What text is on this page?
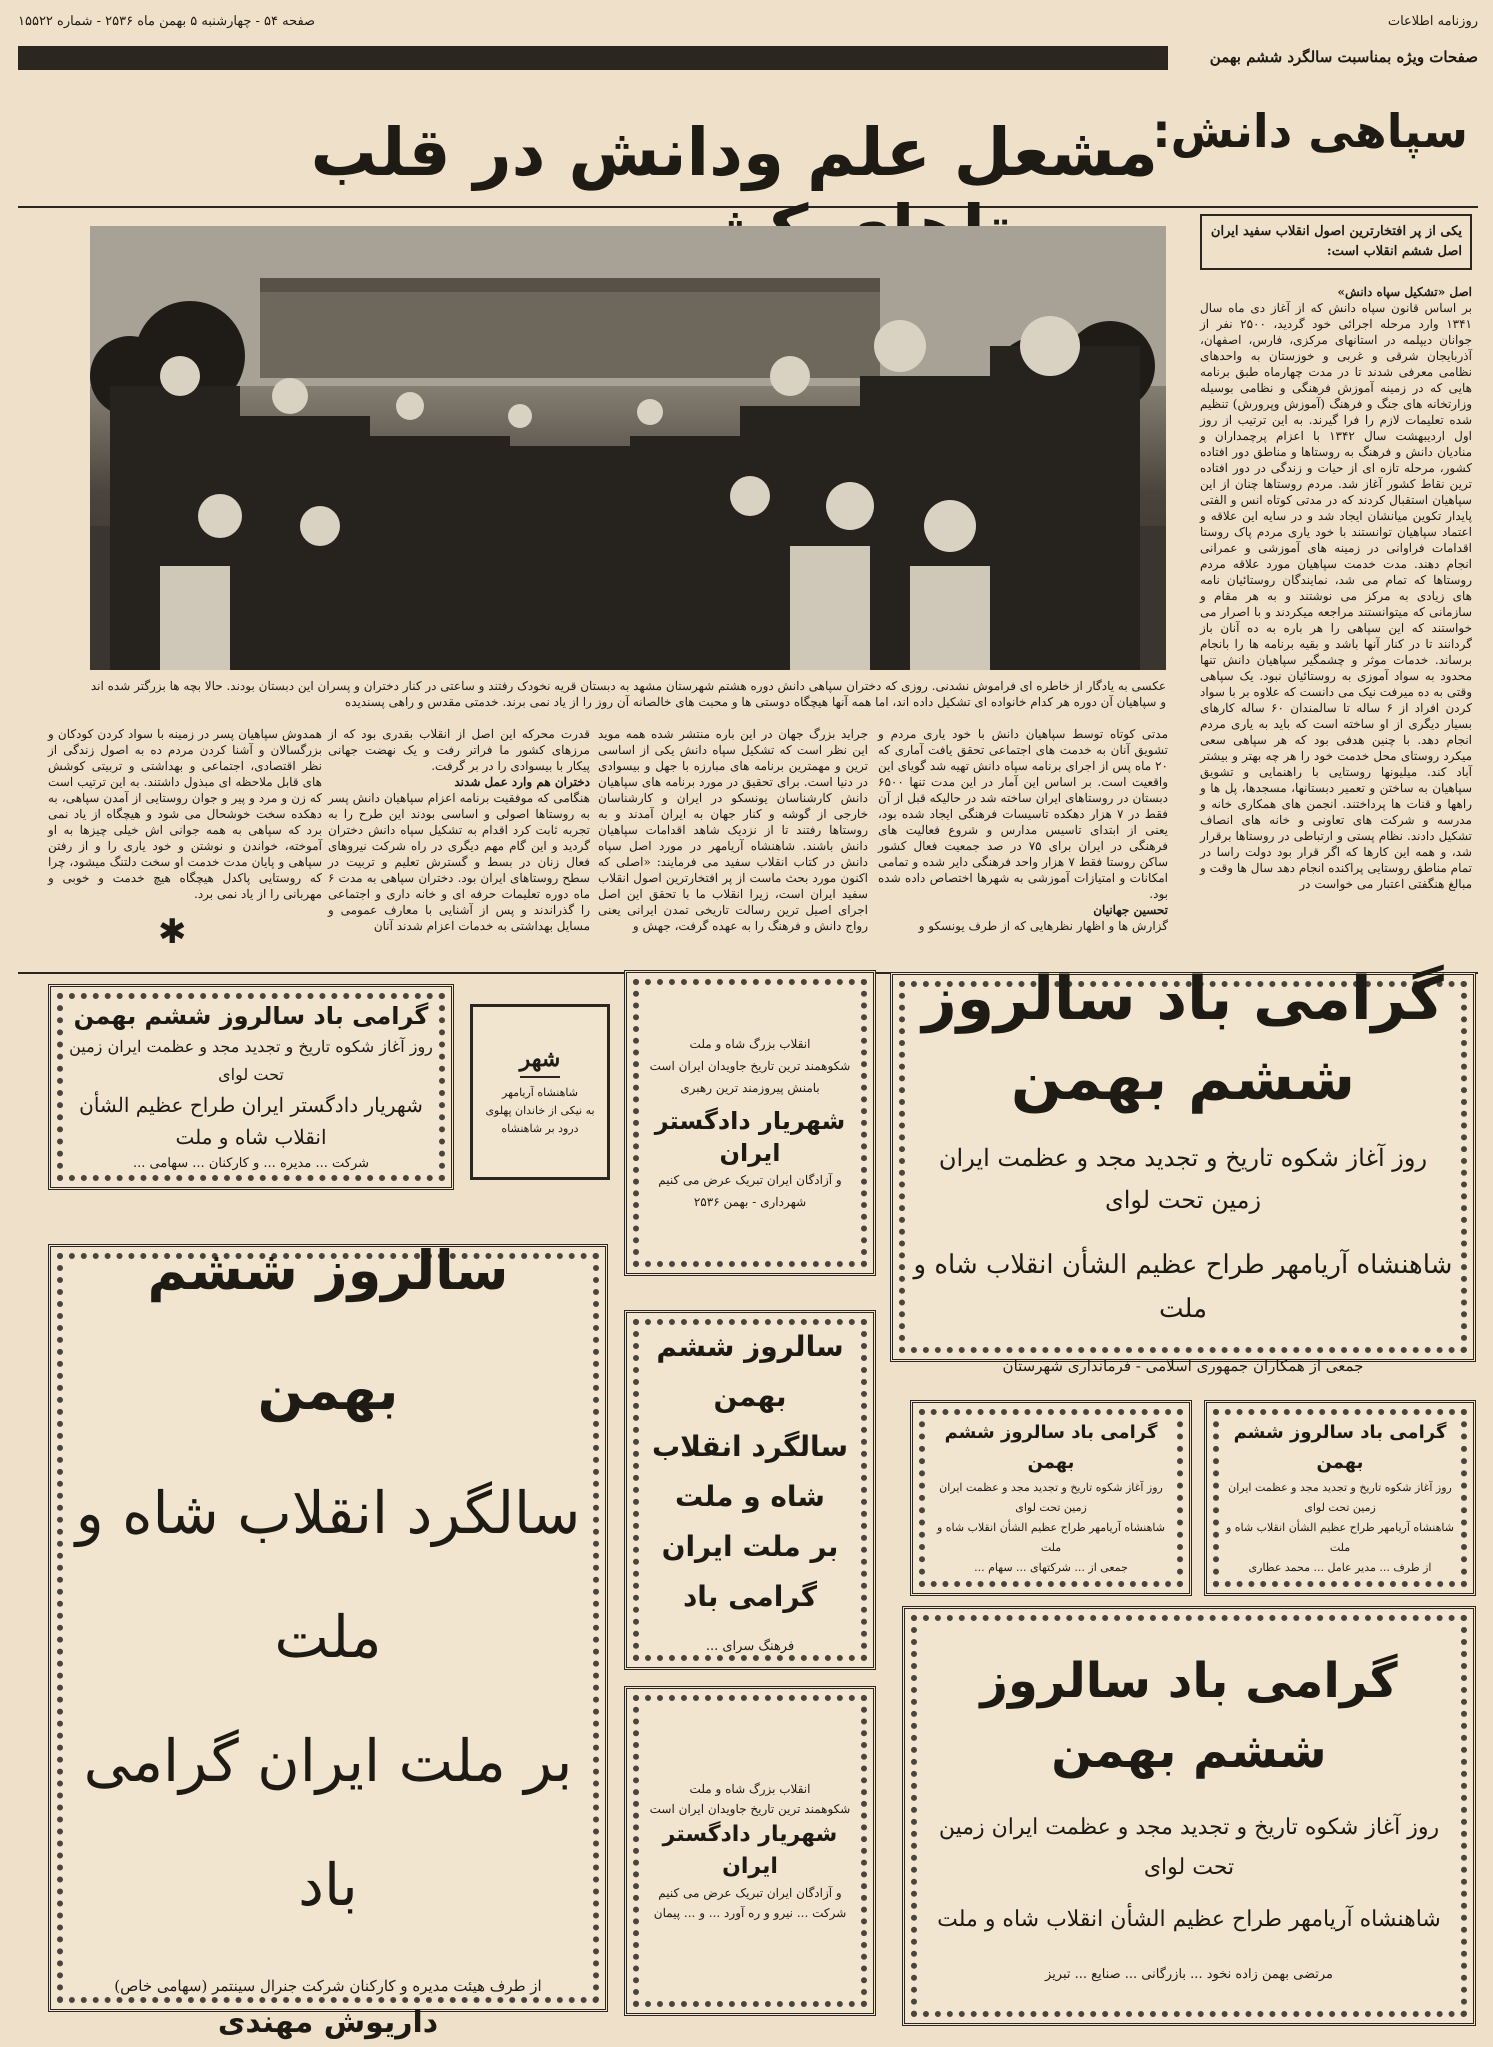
روزنامه اطلاعات
صفحه ۵۴ - چهارشنبه ۵ بهمن ماه ۲۵۳۶ - شماره ۱۵۵۲۲
صفحات ویژه بمناسبت سالگرد ششم بهمن
سپاهی دانش:
مشعل علم ودانش در قلب
یکی از پر افتخارترین اصول انقلاب سفید ایران اصل ششم انقلاب است:
عکسی به یادگار از خاطره ای فراموش نشدنی. روزی که دختران سپاهی دانش دوره هشتم شهرستان مشهد به دبستان قریه نخودک رفتند و ساعتی در کنار دختران و پسران این دبستان بودند. حالا بچه ها بزرگتر شده اند و سپاهیان آن دوره هر کدام خانواده ای تشکیل داده اند، اما همه آنها هیچگاه دوستی ها و محبت های خالصانه آن روز را از یاد نمی برند. خدمتی مقدس و راهی پسندیده
اصل «تشکیل سپاه دانش»
بر اساس قانون سپاه دانش که از آغاز دی ماه سال ۱۳۴۱ وارد مرحله اجرائی خود گردید، ۲۵۰۰ نفر از جوانان دیپلمه در استانهای مرکزی، فارس، اصفهان، آذربایجان شرقی و غربی و خوزستان به واحدهای نظامی معرفی شدند تا در مدت چهارماه طبق برنامه هایی که در زمینه آموزش فرهنگی و نظامی بوسیله وزارتخانه های جنگ و فرهنگ (آموزش وپرورش) تنظیم شده تعلیمات لازم را فرا گیرند. به این ترتیب از روز اول اردیبهشت سال ۱۳۴۲ با اعزام پرچمداران و منادیان دانش و فرهنگ به روستاها و مناطق دور افتاده کشور، مرحله تازه ای از حیات و زندگی در دور افتاده ترین نقاط کشور آغاز شد. مردم روستاها چنان از این سپاهیان استقبال کردند که در مدتی کوتاه انس و الفتی پایدار تکوین میانشان ایجاد شد و در سایه این علاقه و اعتماد سپاهیان توانستند با خود یاری مردم پاک روستا اقدامات فراوانی در زمینه های آموزشی و عمرانی انجام دهند. مدت خدمت سپاهیان مورد علاقه مردم روستاها که تمام می شد، نمایندگان روستائیان نامه های زیادی به مرکز می نوشتند و به هر مقام و سازمانی که میتوانستند مراجعه میکردند و با اصرار می خواستند که این سپاهی را هر باره به ده آنان باز گردانند تا در کنار آنها باشد و بقیه برنامه ها را بانجام برساند. خدمات موثر و چشمگیر سپاهیان دانش تنها محدود به سواد آموزی به روستائیان نبود. یک سپاهی وقتی به ده میرفت نیک می دانست که علاوه بر با سواد کردن افراد از ۶ ساله تا سالمندان ۶۰ ساله کارهای بسیار دیگری از او ساخته است که باید به یاری مردم انجام دهد. با چنین هدفی بود که هر سپاهی سعی میکرد روستای محل خدمت خود را هر چه بهتر و بیشتر آباد کند. میلیونها روستایی با راهنمایی و تشویق سپاهیان به ساختن و تعمیر دبستانها، مسجدها، پل ها و راهها و قنات ها پرداختند. انجمن های همکاری خانه و مدرسه و شرکت های تعاونی و خانه های انصاف تشکیل دادند. نظام پستی و ارتباطی در روستاها برقرار شد، و همه این کارها که اگر قرار بود دولت راسا در تمام مناطق روستایی پراکنده انجام دهد سال ها وقت و مبالغ هنگفتی اعتبار می خواست در
مدتی کوتاه توسط سپاهیان دانش با خود یاری مردم و تشویق آنان به خدمت های اجتماعی تحقق یافت آماری که ۲۰ ماه پس از اجرای برنامه سپاه دانش تهیه شد گویای این واقعیت است. بر اساس این آمار در این مدت تنها ۶۵۰۰ دبستان در روستاهای ایران ساخته شد در حالیکه قبل از آن فقط در ۷ هزار دهکده تاسیسات فرهنگی ایجاد شده بود، یعنی از ابتدای تاسیس مدارس و شروع فعالیت های فرهنگی در ایران برای ۷۵ در صد جمعیت فعال کشور ساکن روستا فقط ۷ هزار واحد فرهنگی دایر شده و تمامی امکانات و امتیازات آموزشی به شهرها اختصاص داده شده بود.
تحسین جهانیان
گزارش ها و اظهار نظرهایی که از طرف یونسکو و
جراید بزرگ جهان در این باره منتشر شده همه موید این نظر است که تشکیل سپاه دانش یکی از اساسی ترین و مهمترین برنامه های مبارزه با جهل و بیسوادی در دنیا است. برای تحقیق در مورد برنامه های سپاهیان دانش کارشناسان یونسکو در ایران و کارشناسان خارجی از گوشه و کنار جهان به ایران آمدند و به روستاها رفتند تا از نزدیک شاهد اقدامات سپاهیان دانش باشند. شاهنشاه آریامهر در مورد اصل سپاه دانش در کتاب انقلاب سفید می فرمایند: «اصلی که اکنون مورد بحث ماست از پر افتخارترین اصول انقلاب سفید ایران است، زیرا انقلاب ما با تحقق این اصل اجرای اصیل ترین رسالت تاریخی تمدن ایرانی یعنی رواج دانش و فرهنگ را به عهده گرفت، جهش و
قدرت محرکه این اصل از انقلاب بقدری بود که از مرزهای کشور ما فراتر رفت و یک نهضت جهانی پیکار با بیسوادی را در بر گرفت.
دختران هم وارد عمل شدند
هنگامی که موفقیت برنامه اعزام سپاهیان دانش پسر به روستاها اصولی و اساسی بودند این طرح را به تجربه ثابت کرد اقدام به تشکیل سپاه دانش دختران گردید و این گام مهم دیگری در راه شرکت نیروهای فعال زنان در بسط و گسترش تعلیم و تربیت در سطح روستاهای ایران بود. دختران سپاهی به مدت ۶ ماه دوره تعلیمات حرفه ای و خانه داری و اجتماعی را گذراندند و پس از آشنایی با معارف عمومی و مسایل بهداشتی به خدمات اعزام شدند آنان
همدوش سپاهیان پسر در زمینه با سواد کردن کودکان و بزرگسالان و آشنا کردن مردم ده به اصول زندگی از نظر اقتصادی، اجتماعی و بهداشتی و تربیتی کوشش های قابل ملاحظه ای مبذول داشتند. به این ترتیب است که زن و مرد و پیر و جوان روستایی از آمدن سپاهی، به دهکده سخت خوشحال می شود و هیچگاه از یاد نمی برد که سپاهی به همه جوانی اش خیلی چیزها به او آموخته، خواندن و نوشتن و خود یاری را و از رفتن سپاهی و پایان مدت خدمت او سخت دلتنگ میشود، چرا که روستایی پاکدل هیچگاه هیچ خدمت و خوبی و مهربانی را از یاد نمی برد.
✱
گرامی باد سالروز ششم بهمن
روز آغاز شکوه تاریخ و تجدید مجد و عظمت ایران زمین تحت لوای
شاهنشاه آریامهر طراح عظیم الشأن انقلاب شاه و ملت
جمعی از همکاران جمهوری اسلامی - فرمانداری شهرستان
گرامی باد سالروز ششم بهمن
روز آغاز شکوه تاریخ و تجدید مجد و عظمت ایران زمین تحت لوای
شهریار دادگستر ایران طراح عظیم الشأن انقلاب شاه و ملت
شرکت ... مدیره ... و کارکنان ... سهامی ...
شهر
شاهنشاه آریامهر
به نیکی از خاندان پهلوی
درود بر شاهنشاه
انقلاب بزرگ شاه و ملت
شکوهمند ترین تاریخ جاویدان ایران است
بامنش پیروزمند ترین رهبری
شهریار دادگستر ایران
و آزادگان ایران تبریک عرض می کنیم
شهرداری - بهمن ۲۵۳۶
سالروز ششم بهمن
سالگرد انقلاب شاه و ملت
بر ملت ایران گرامی باد
از طرف هیئت مدیره و کارکنان شرکت جنرال سینتمر (سهامی خاص)
داریوش مهندی
سالروز ششم بهمن
سالگرد انقلاب شاه و ملت
بر ملت ایران گرامی باد
فرهنگ سرای ...
انقلاب بزرگ شاه و ملت
شکوهمند ترین تاریخ جاویدان ایران است
شهریار دادگستر ایران
و آزادگان ایران تبریک عرض می کنیم
شرکت ... نیرو و ره آورد ... و ... پیمان
گرامی باد سالروز ششم بهمن
روز آغاز شکوه تاریخ و تجدید مجد و عظمت ایران زمین تحت لوای
شاهنشاه آریامهر طراح عظیم الشأن انقلاب شاه و ملت
از طرف ... مدیر عامل ... محمد عطاری
گرامی باد سالروز ششم بهمن
روز آغاز شکوه تاریخ و تجدید مجد و عظمت ایران زمین تحت لوای
شاهنشاه آریامهر طراح عظیم الشأن انقلاب شاه و ملت
جمعی از ... شرکتهای ... سهام ...
گرامی باد سالروز ششم بهمن
روز آغاز شکوه تاریخ و تجدید مجد و عظمت ایران زمین تحت لوای
شاهنشاه آریامهر طراح عظیم الشأن انقلاب شاه و ملت
مرتضی بهمن زاده نخود ... بازرگانی ... صنایع ... تبریز
